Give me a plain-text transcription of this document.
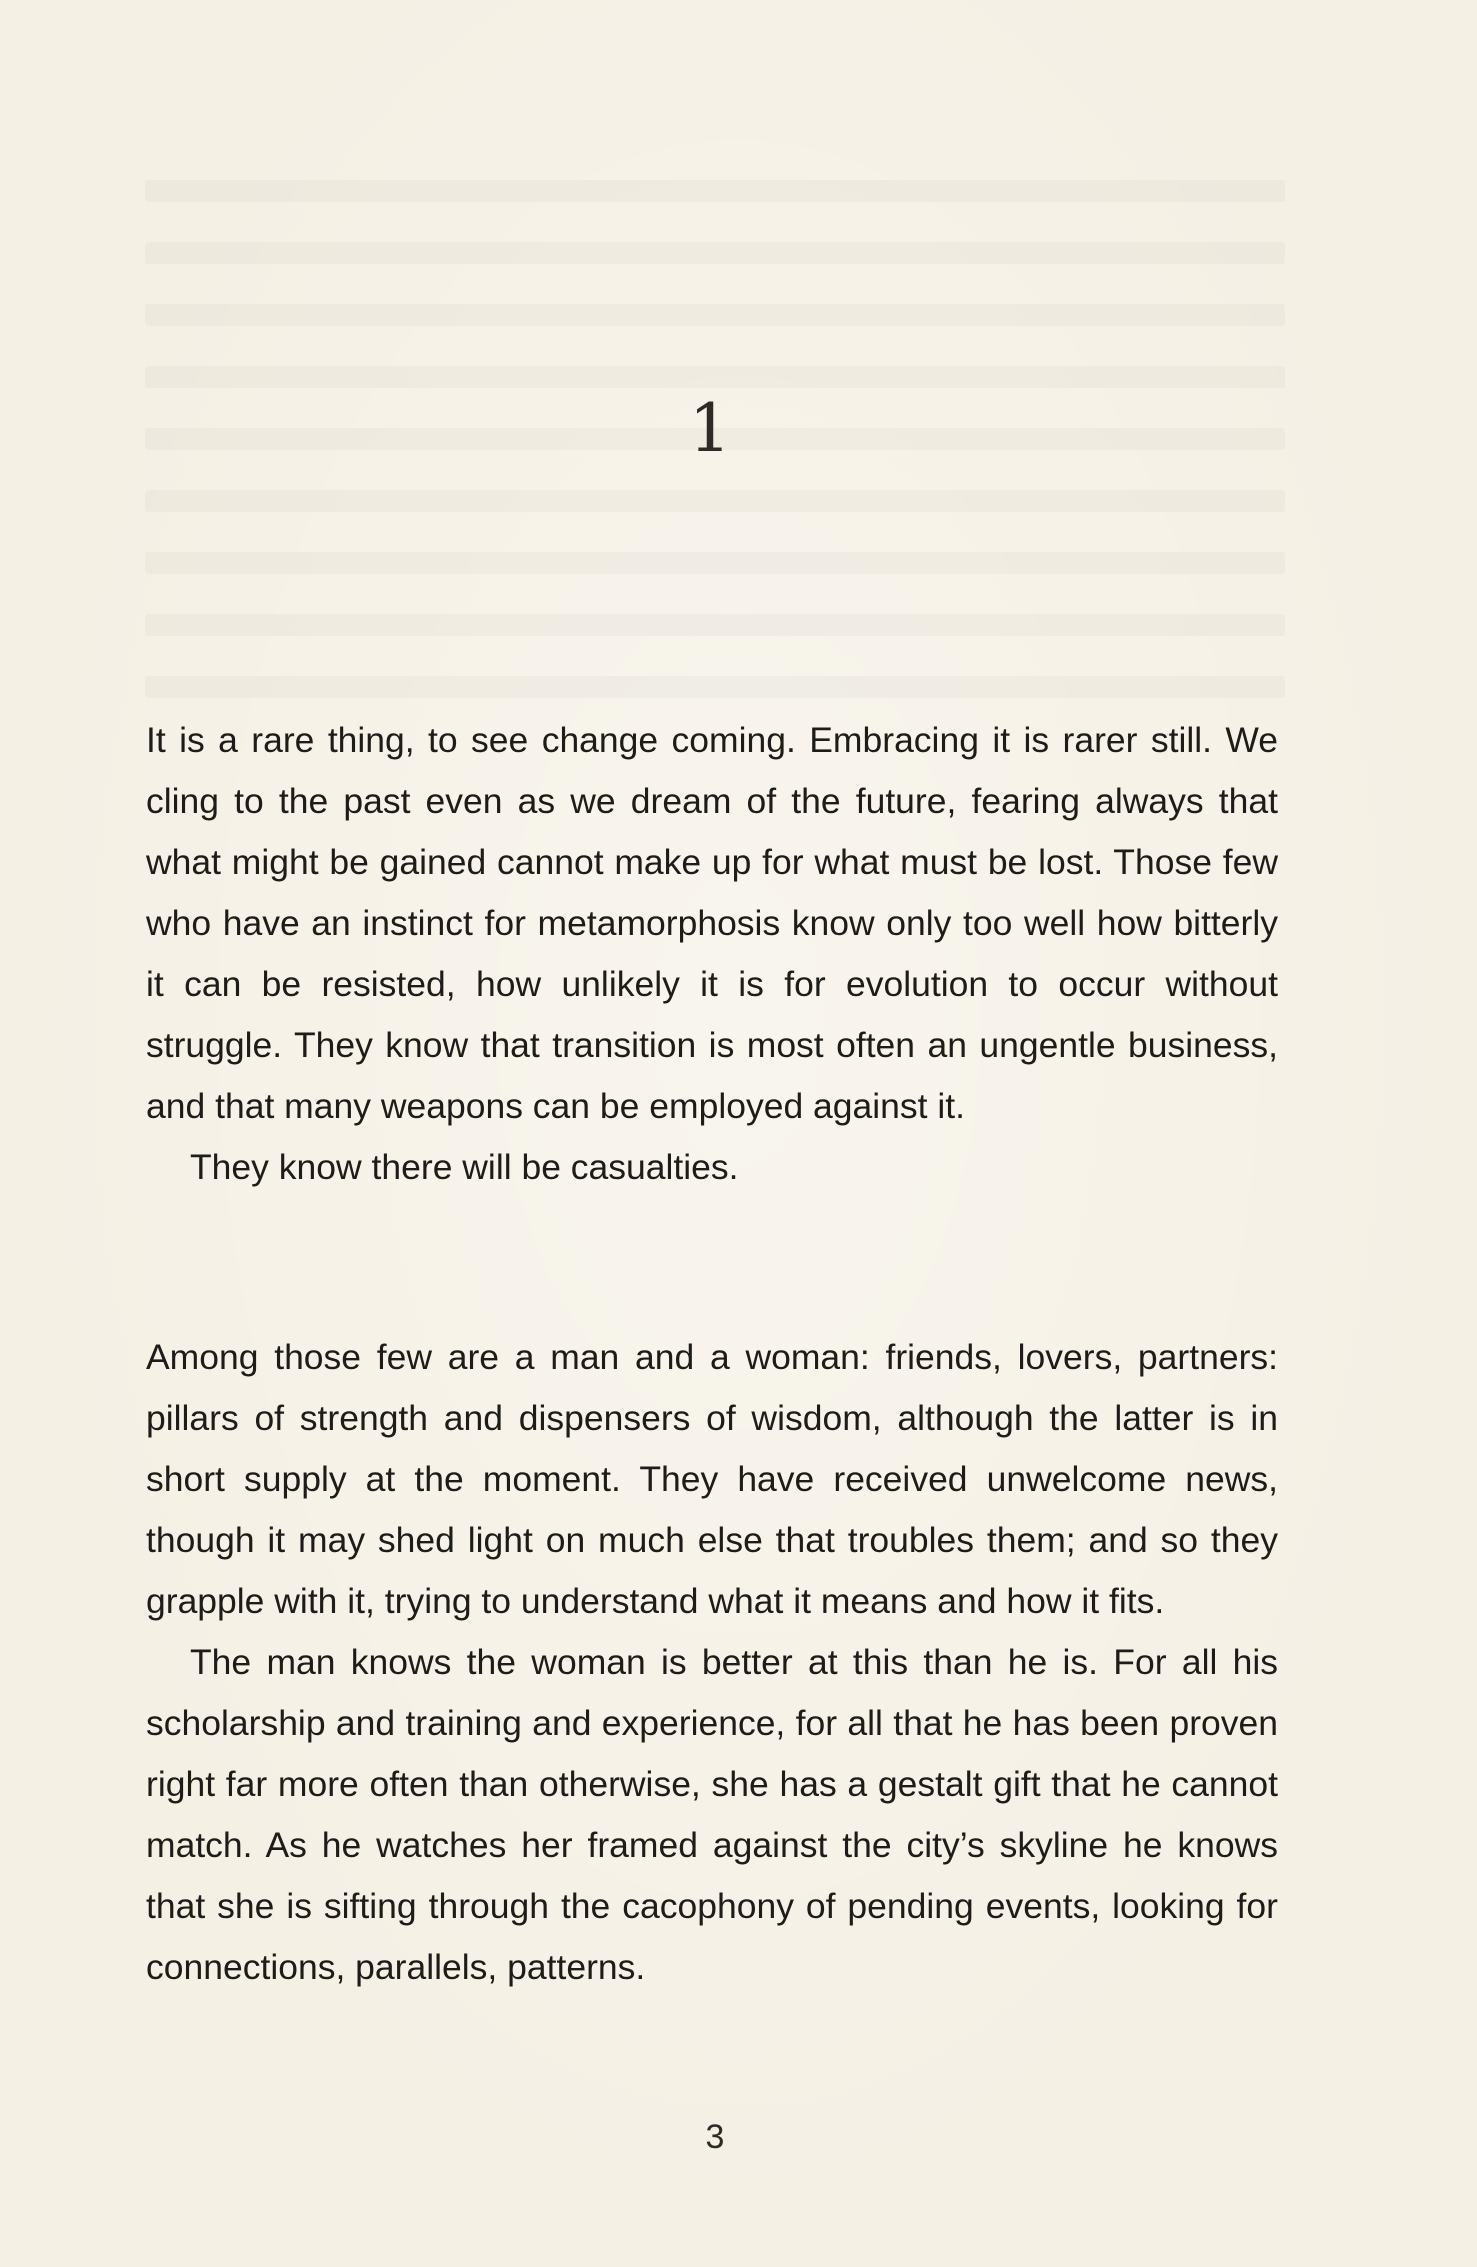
1

It is a rare thing, to see change coming. Embracing it is rarer still. We cling to the past even as we dream of the future, fearing always that what might be gained cannot make up for what must be lost. Those few who have an instinct for metamorphosis know only too well how bitterly it can be resisted, how unlikely it is for evolution to occur without struggle. They know that transition is most often an ungentle business, and that many weapons can be employed against it.

They know there will be casualties.

Among those few are a man and a woman: friends, lovers, partners: pillars of strength and dispensers of wisdom, although the latter is in short supply at the moment. They have received unwelcome news, though it may shed light on much else that troubles them; and so they grapple with it, trying to understand what it means and how it fits.

The man knows the woman is better at this than he is. For all his scholarship and training and experience, for all that he has been proven right far more often than otherwise, she has a gestalt gift that he cannot match. As he watches her framed against the city’s skyline he knows that she is sifting through the cacophony of pending events, looking for connections, parallels, patterns.

3
